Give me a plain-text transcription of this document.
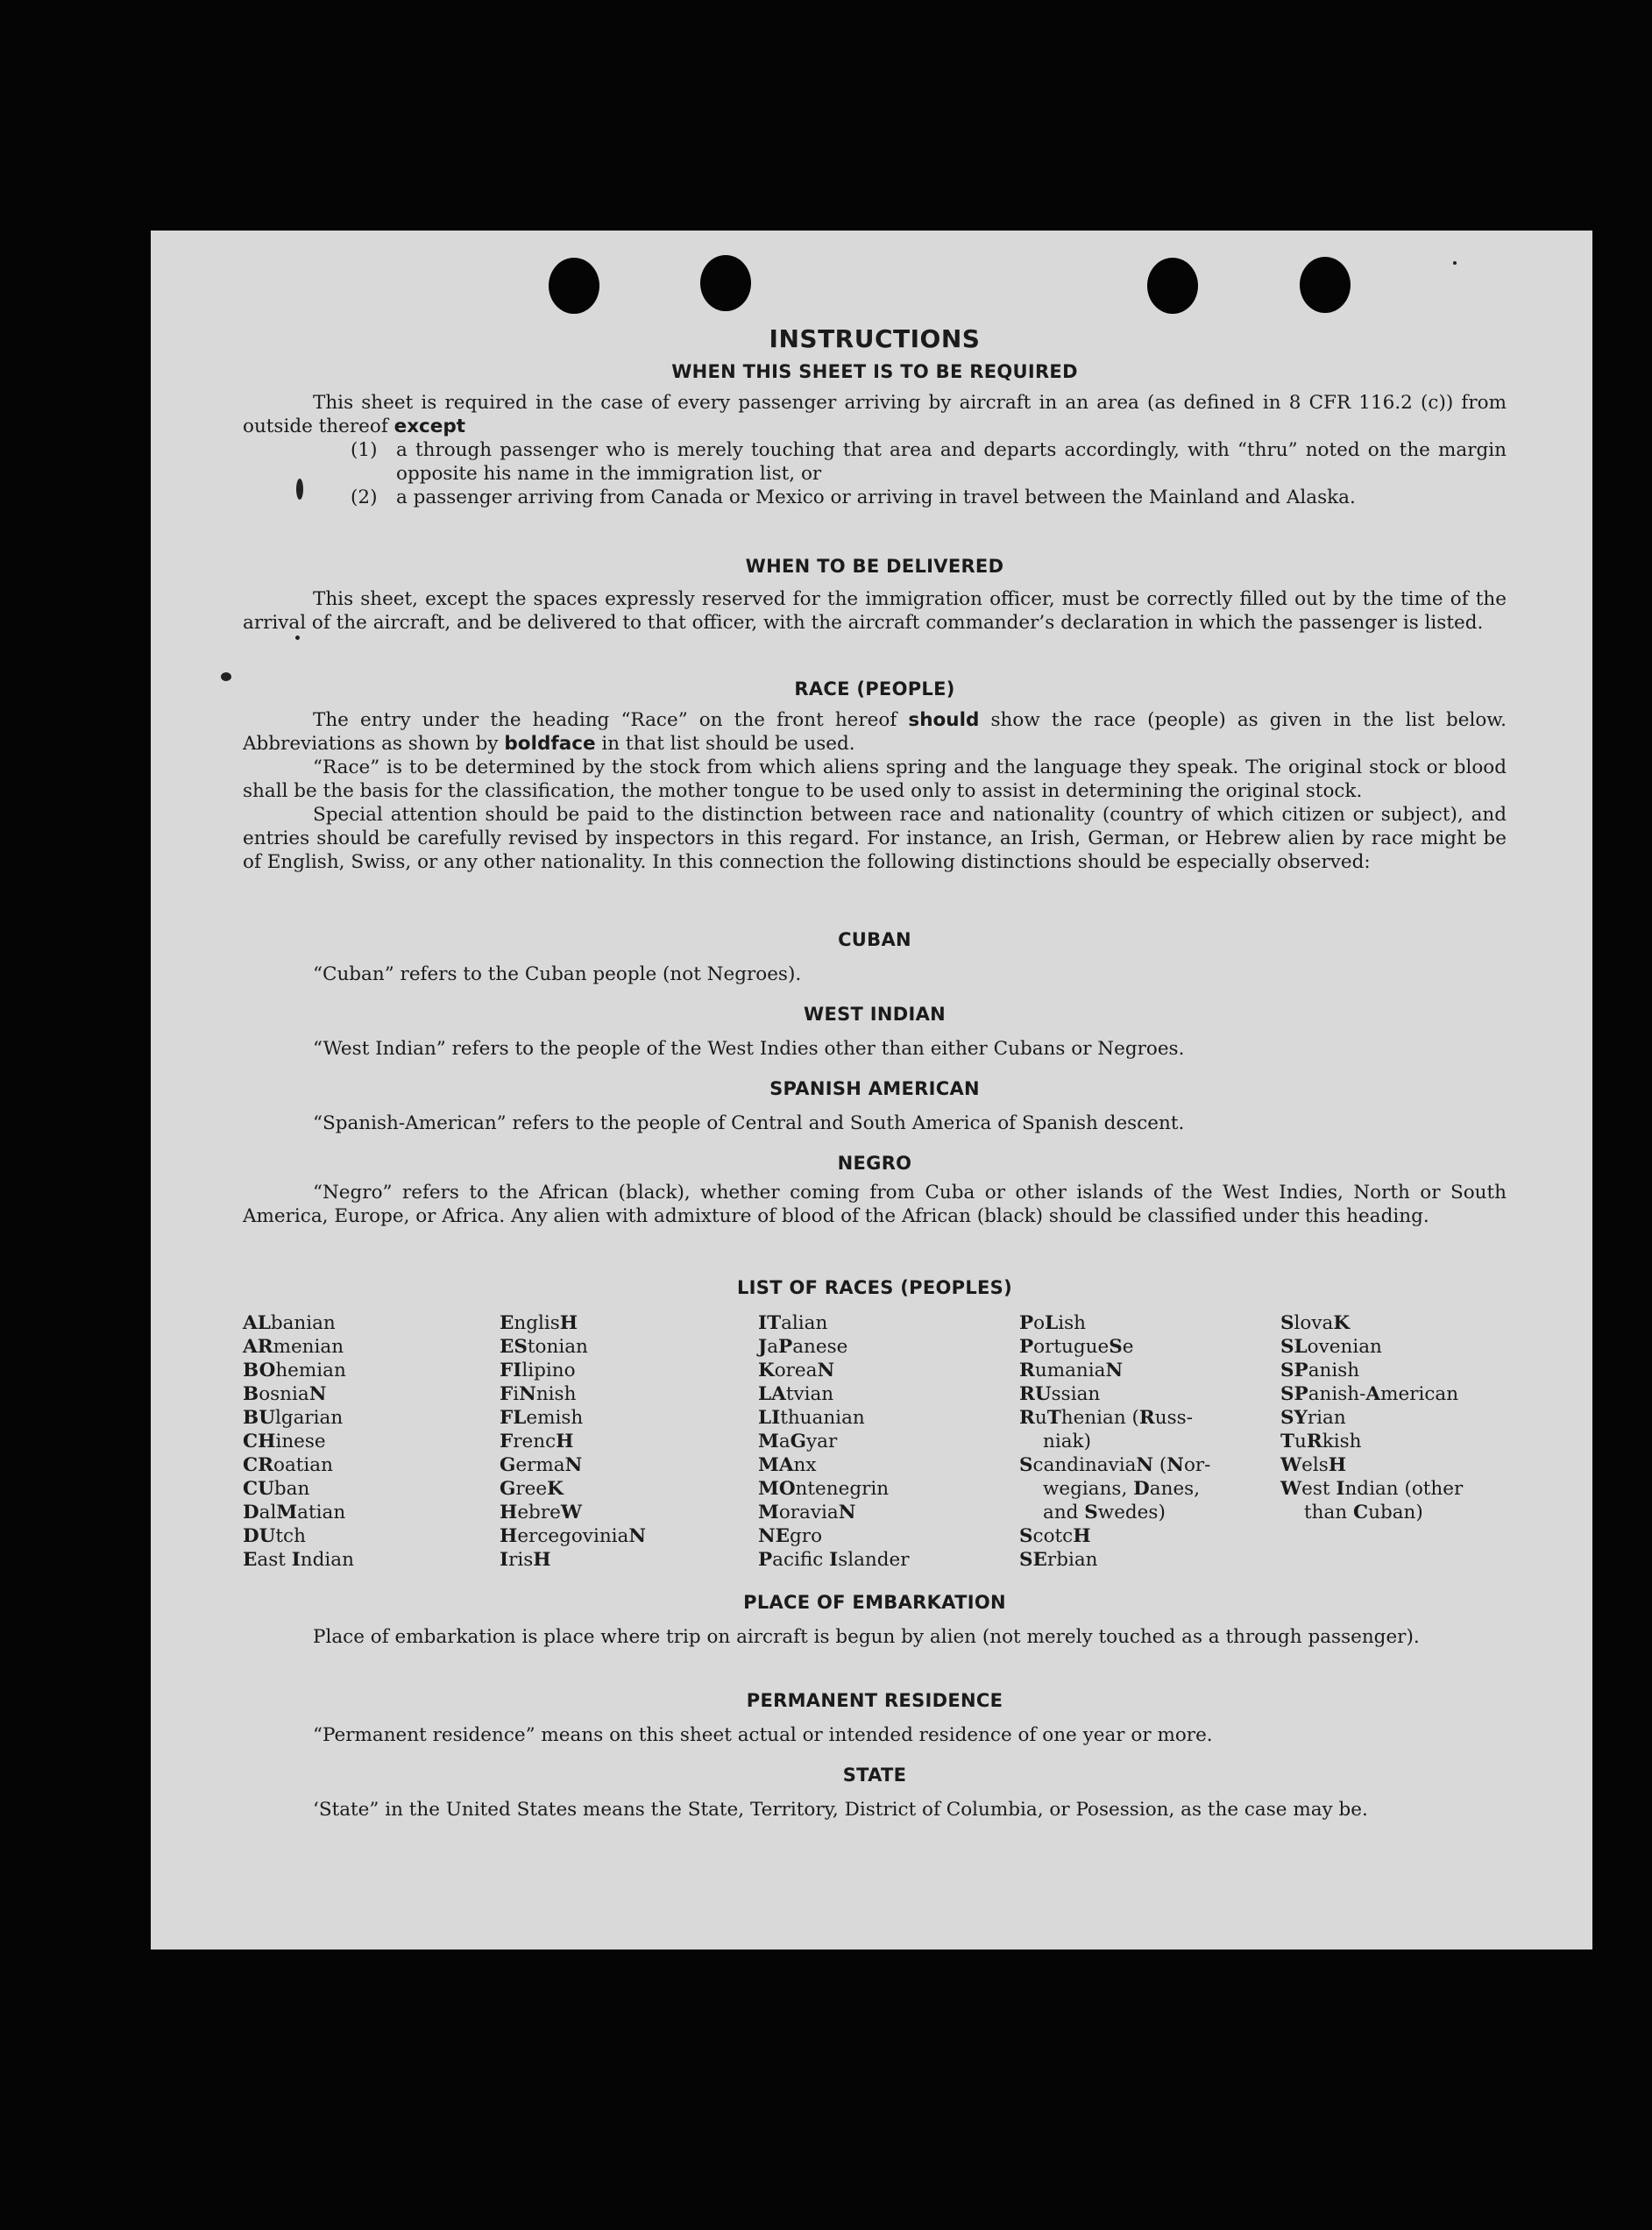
INSTRUCTIONS
WHEN THIS SHEET IS TO BE REQUIRED

This sheet is required in the case of every passenger arriving by aircraft in an area (as defined in 8 CFR 116.2 (c)) from outside thereof except

(1)	a through passenger who is merely touching that area and departs accordingly, with “thru” noted on the margin opposite his name in the immigration list, or
(2)	a passenger arriving from Canada or Mexico or arriving in travel between the Mainland and Alaska.
WHEN TO BE DELIVERED

This sheet, except the spaces expressly reserved for the immigration officer, must be correctly filled out by the time of the arrival of the aircraft, and be delivered to that officer, with the aircraft commander’s declaration in which the passenger is listed.

RACE (PEOPLE)

The entry under the heading “Race” on the front hereof should show the race (people) as given in the list below. Abbreviations as shown by boldface in that list should be used.

“Race” is to be determined by the stock from which aliens spring and the language they speak. The original stock or blood shall be the basis for the classification, the mother tongue to be used only to assist in determining the original stock.

Special attention should be paid to the distinction between race and nationality (country of which citizen or subject), and entries should be carefully revised by inspectors in this regard. For instance, an Irish, German, or Hebrew alien by race might be of English, Swiss, or any other nationality. In this connection the following distinctions should be especially observed:

CUBAN

“Cuban” refers to the Cuban people (not Negroes).

WEST INDIAN

“West Indian” refers to the people of the West Indies other than either Cubans or Negroes.

SPANISH AMERICAN

“Spanish-American” refers to the people of Central and South America of Spanish descent.

NEGRO

“Negro” refers to the African (black), whether coming from Cuba or other islands of the West Indies, North or South America, Europe, or Africa. Any alien with admixture of blood of the African (black) should be classified under this heading.

LIST OF RACES (PEOPLES)
ALbanian
ARmenian
BOhemian
BosniaN
BUlgarian
CHinese
CRoatian
CUban
DalMatian
DUtch
East Indian
EnglisH
EStonian
FIlipino
FiNnish
FLemish
FrencH
GermaN
GreeK
HebreW
HercegoviniaN
IrisH
ITalian
JaPanese
KoreaN
LAtvian
LIthuanian
MaGyar
MAnx
MOntenegrin
MoraviaN
NEgro
Pacific Islander
PoLish
PortugueSe
RumaniaN
RUssian
RuThenian (Russ-
niak)
ScandinaviaN (Nor-
wegians, Danes,
and Swedes)
ScotcH
SErbian
SlovaK
SLovenian
SPanish
SPanish-American
SYrian
TuRkish
WelsH
West Indian (other
than Cuban)
PLACE OF EMBARKATION

Place of embarkation is place where trip on aircraft is begun by alien (not merely touched as a through passenger).

PERMANENT RESIDENCE

“Permanent residence” means on this sheet actual or intended residence of one year or more.

STATE

‘State” in the United States means the State, Territory, District of Columbia, or Posession, as the case may be.
